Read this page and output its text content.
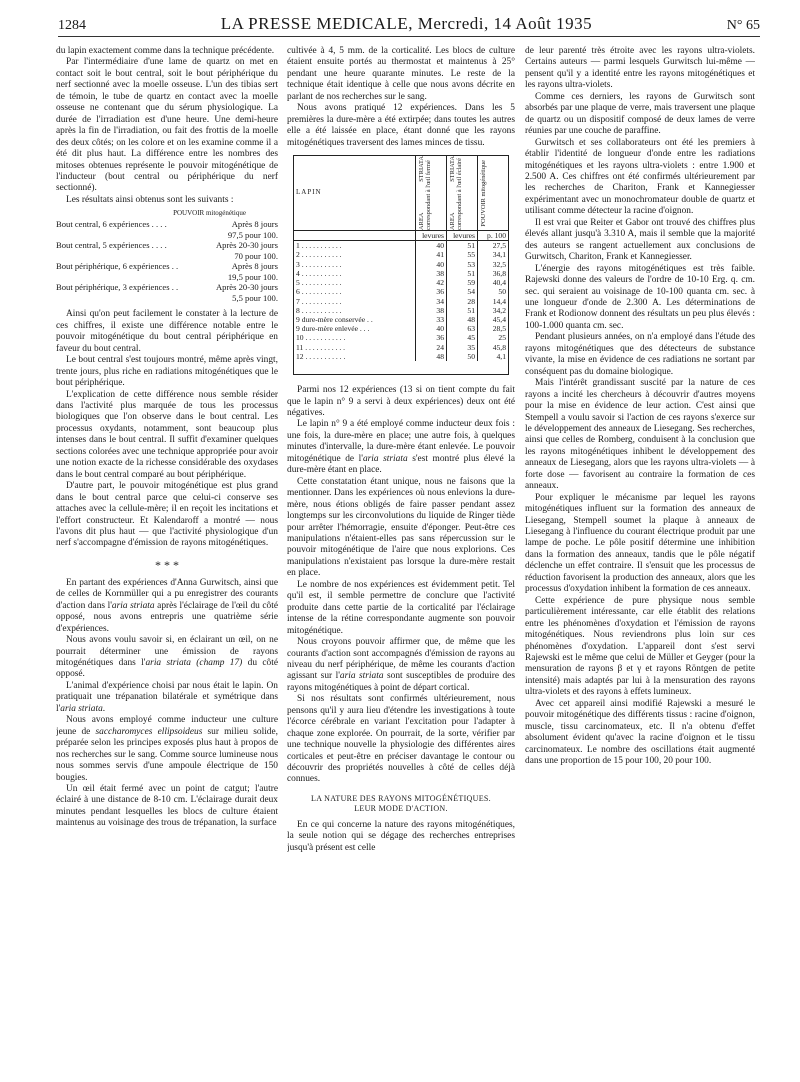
1284	LA PRESSE MEDICALE, Mercredi, 14 Août 1935	N° 65

du lapin exactement comme dans la technique précédente.

Par l'intermédiaire d'une lame de quartz on met en contact soit le bout central, soit le bout périphérique du nerf sectionné avec la moelle osseuse. L'un des tibias sert de témoin, le tube de quartz en contact avec la moelle osseuse ne contenant que du sérum physiologique. La durée de l'irradiation est d'une heure. Une demi-heure après la fin de l'irradiation, ou fait des frottis de la moelle des deux côtés; on les colore et on les examine comme il a été dit plus haut. La différence entre les nombres des mitoses obtenues représente le pouvoir mitogénétique de l'inducteur (bout central ou périphérique du nerf sectionné).

Les résultats ainsi obtenus sont les suivants :

POUVOIR mitogénétique
Bout central, 6 expériences . . . .	Après 8 jours
97,5 pour 100.
Bout central, 5 expériences . . . .	Après 20-30 jours
70 pour 100.
Bout périphérique, 6 expériences . .	Après 8 jours
19,5 pour 100.
Bout périphérique, 3 expériences . .	Après 20-30 jours
5,5 pour 100.

Ainsi qu'on peut facilement le constater à la lecture de ces chiffres, il existe une différence notable entre le pouvoir mitogénétique du bout central périphérique en faveur du bout central.

Le bout central s'est toujours montré, même après vingt, trente jours, plus riche en radiations mitogénétiques que le bout périphérique.

L'explication de cette différence nous semble résider dans l'activité plus marquée de tous les processus biologiques que l'on observe dans le bout central. Les processus oxydants, notamment, sont beaucoup plus intenses dans le bout central. Il suffit d'examiner quelques sections colorées avec une technique appropriée pour avoir une notion exacte de la richesse considérable des oxydases dans le bout central comparé au bout périphérique.

D'autre part, le pouvoir mitogénétique est plus grand dans le bout central parce que celui-ci conserve ses attaches avec la cellule-mère; il en reçoit les incitations et l'effort constructeur. Et Kalendaroff a montré — nous l'avons dit plus haut — que l'activité physiologique d'un nerf s'accompagne d'émission de rayons mitogénétiques.

* * *

En partant des expériences d'Anna Gurwitsch, ainsi que de celles de Kornmüller qui a pu enregistrer des courants d'action dans l'aria striata après l'éclairage de l'œil du côté opposé, nous avons entrepris une quatrième série d'expériences.

Nous avons voulu savoir si, en éclairant un œil, on ne pourrait déterminer une émission de rayons mitogénétiques dans l'aria striata (champ 17) du côté opposé.

L'animal d'expérience choisi par nous était le lapin. On pratiquait une trépanation bilatérale et symétrique dans l'aria striata.

Nous avons employé comme inducteur une culture jeune de saccharomyces ellipsoideus sur milieu solide, préparée selon les principes exposés plus haut à propos de nos recherches sur le sang. Comme source lumineuse nous nous sommes servis d'une ampoule électrique de 150 bougies.

Un œil était fermé avec un point de catgut; l'autre éclairé à une distance de 8-10 cm. L'éclairage durait deux minutes pendant lesquelles les blocs de culture étaient maintenus au voisinage des trous de trépanation, la surface

cultivée à 4, 5 mm. de la corticalité. Les blocs de culture étaient ensuite portés au thermostat et maintenus à 25° pendant une heure quarante minutes. Le reste de la technique était identique à celle que nous avons décrite en parlant de nos recherches sur le sang.

Nous avons pratiqué 12 expériences. Dans les 5 premières la dure-mère a été extirpée; dans toutes les autres elle a été laissée en place, étant donné que les rayons mitogénétiques traversent des lames minces de tissu.

LAPIN	AREA STRIATA correspondant à l'œil fermé	AREA STRIATA correspondant à l'œil éclairé	POUVOIR mitogénétique

	levures	levures	p. 100
1 . . . . . . . . . . .	40	51	27,5
2 . . . . . . . . . . .	41	55	34,1
3 . . . . . . . . . . .	40	53	32,5
4 . . . . . . . . . . .	38	51	36,8
5 . . . . . . . . . . .	42	59	40,4
6 . . . . . . . . . . .	36	54	50
7 . . . . . . . . . . .	34	28	14,4
8 . . . . . . . . . . .	38	51	34,2
9 dure-mère conservée . .	33	48	45,4
9 dure-mère enlevée . . .	40	63	28,5
10 . . . . . . . . . . .	36	45	25
11 . . . . . . . . . . .	24	35	45,8
12 . . . . . . . . . . .	48	50	4,1

Parmi nos 12 expériences (13 si on tient compte du fait que le lapin n° 9 a servi à deux expériences) deux ont été négatives.

Le lapin n° 9 a été employé comme inducteur deux fois : une fois, la dure-mère en place; une autre fois, à quelques minutes d'intervalle, la dure-mère étant enlevée. Le pouvoir mitogénétique de l'aria striata s'est montré plus élevé la dure-mère étant en place.

Cette constatation étant unique, nous ne faisons que la mentionner. Dans les expériences où nous enlevions la dure-mère, nous étions obligés de faire passer pendant assez longtemps sur les circonvolutions du liquide de Ringer tiède pour arrêter l'hémorragie, ensuite d'éponger. Peut-être ces manipulations n'étaient-elles pas sans répercussion sur le pouvoir mitogénétique de l'aire que nous explorions. Ces manipulations n'existaient pas lorsque la dure-mère restait en place.

Le nombre de nos expériences est évidemment petit. Tel qu'il est, il semble permettre de conclure que l'activité produite dans cette partie de la corticalité par l'éclairage intense de la rétine correspondante augmente son pouvoir mitogénétique.

Nous croyons pouvoir affirmer que, de même que les courants d'action sont accompagnés d'émission de rayons au niveau du nerf périphérique, de même les courants d'action agissant sur l'aria striata sont susceptibles de produire des rayons mitogénétiques à point de départ cortical.

Si nos résultats sont confirmés ultérieurement, nous pensons qu'il y aura lieu d'étendre les investigations à toute l'écorce cérébrale en variant l'excitation pour l'adapter à chaque zone explorée. On pourrait, de la sorte, vérifier par une technique nouvelle la physiologie des différentes aires corticales et peut-être en préciser davantage le contour ou découvrir des propriétés nouvelles à côté de celles déjà connues.

LA NATURE DES RAYONS MITOGÉNÉTIQUES.
LEUR MODE D'ACTION.

En ce qui concerne la nature des rayons mitogénétiques, la seule notion qui se dégage des recherches entreprises jusqu'à présent est celle

de leur parenté très étroite avec les rayons ultra-violets. Certains auteurs — parmi lesquels Gurwitsch lui-même — pensent qu'il y a identité entre les rayons mitogénétiques et les rayons ultra-violets.

Comme ces derniers, les rayons de Gurwitsch sont absorbés par une plaque de verre, mais traversent une plaque de quartz ou un dispositif composé de deux lames de verre réunies par une couche de paraffine.

Gurwitsch et ses collaborateurs ont été les premiers à établir l'identité de longueur d'onde entre les radiations mitogénétiques et les rayons ultra-violets : entre 1.900 et 2.500 A. Ces chiffres ont été confirmés ultérieurement par les recherches de Chariton, Frank et Kannegiesser expérimentant avec un monochromateur double de quartz et utilisant comme détecteur la racine d'oignon.

Il est vrai que Reiter et Gabor ont trouvé des chiffres plus élevés allant jusqu'à 3.310 A, mais il semble que la majorité des auteurs se rangent actuellement aux conclusions de Gurwitsch, Chariton, Frank et Kannegiesser.

L'énergie des rayons mitogénétiques est très faible. Rajewski donne des valeurs de l'ordre de 10-10 Erg. q. cm. sec. qui seraient au voisinage de 10-100 quanta cm. sec. à une longueur d'onde de 2.300 A. Les déterminations de Frank et Rodionow donnent des résultats un peu plus élevés : 100-1.000 quanta cm. sec.

Pendant plusieurs années, on n'a employé dans l'étude des rayons mitogénétiques que des détecteurs de substance vivante, la mise en évidence de ces radiations ne sortant par conséquent pas du domaine biologique.

Mais l'intérêt grandissant suscité par la nature de ces rayons a incité les chercheurs à découvrir d'autres moyens pour la mise en évidence de leur action. C'est ainsi que Stempell a voulu savoir si l'action de ces rayons s'exerce sur le développement des anneaux de Liesegang. Ses recherches, ainsi que celles de Romberg, conduisent à la conclusion que les rayons mitogénétiques inhibent le développement des anneaux de Liesegang, alors que les rayons ultra-violets — à forte dose — favorisent au contraire la formation de ces anneaux.

Pour expliquer le mécanisme par lequel les rayons mitogénétiques influent sur la formation des anneaux de Liesegang, Stempell soumet la plaque à anneaux de Liesegang à l'influence du courant électrique produit par une lampe de poche. Le pôle positif détermine une inhibition dans la formation des anneaux, tandis que le pôle négatif déclenche un effet contraire. Il s'ensuit que les processus de réduction favorisent la production des anneaux, alors que les processus d'oxydation inhibent la formation de ces anneaux.

Cette expérience de pure physique nous semble particulièrement intéressante, car elle établit des relations entre les phénomènes d'oxydation et l'émission de rayons mitogénétiques. Nous reviendrons plus loin sur ces phénomènes d'oxydation. L'appareil dont s'est servi Rajewski est le même que celui de Müller et Geyger (pour la mensuration de rayons β et γ et rayons Röntgen de petite intensité) mais adaptés par lui à la mensuration des rayons ultra-violets et des rayons à effets lumineux.

Avec cet appareil ainsi modifié Rajewski a mesuré le pouvoir mitogénétique des différents tissus : racine d'oignon, muscle, tissu carcinomateux, etc. Il n'a obtenu d'effet absolument évident qu'avec la racine d'oignon et le tissu carcinomateux. Le nombre des oscillations était augmenté dans une proportion de 15 pour 100, 20 pour 100.
